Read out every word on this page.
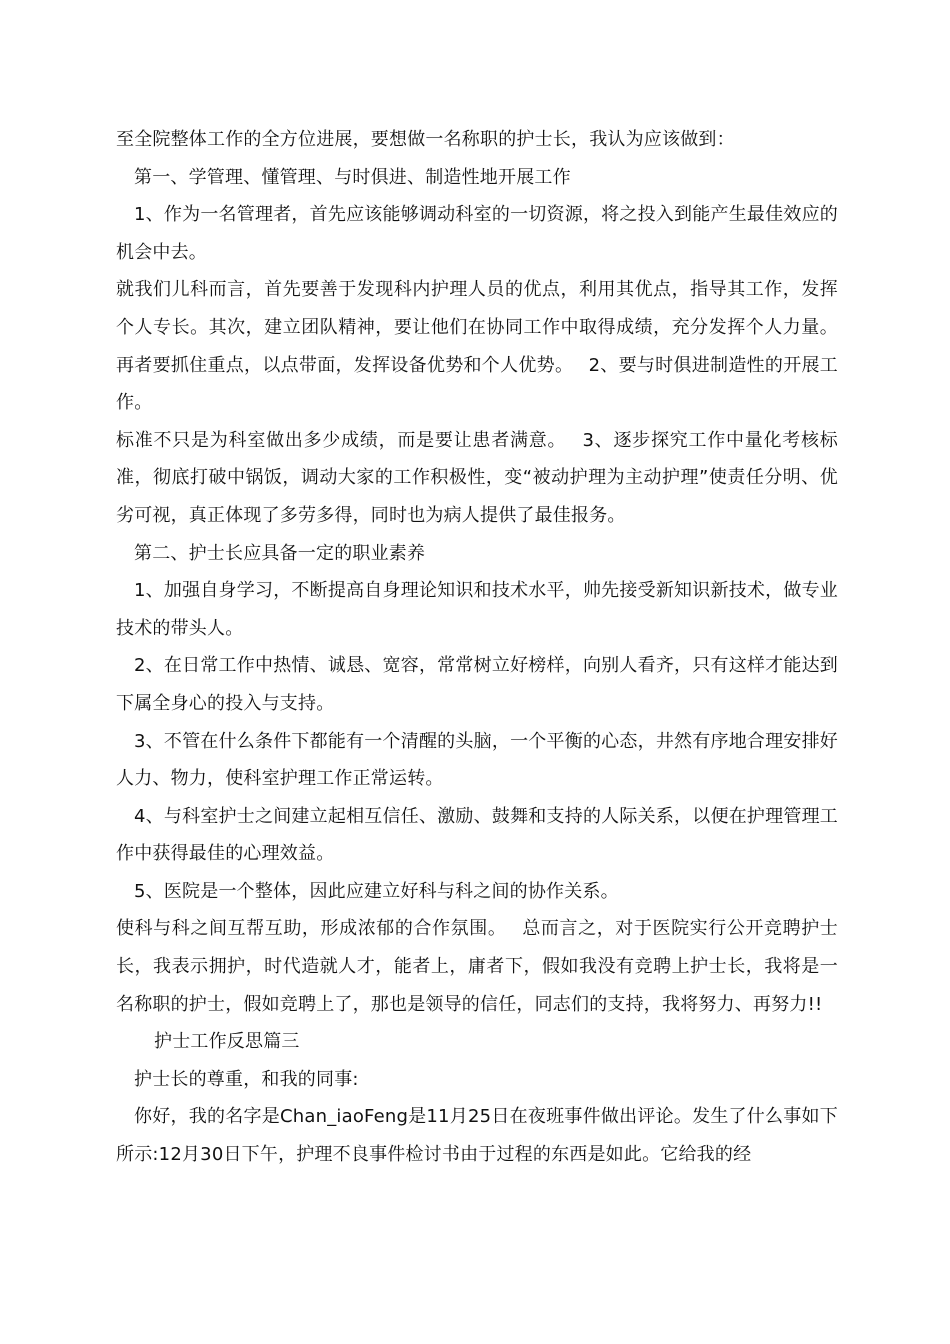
至全院整体工作的全方位进展，要想做一名称职的护士长，我认为应该做到：

第一、学管理、懂管理、与时俱进、制造性地开展工作

1、作为一名管理者，首先应该能够调动科室的一切资源，将之投入到能产生最佳效应的机会中去。

就我们儿科而言，首先要善于发现科内护理人员的优点，利用其优点，指导其工作，发挥个人专长。其次，建立团队精神，要让他们在协同工作中取得成绩，充分发挥个人力量。再者要抓住重点，以点带面，发挥设备优势和个人优势。　 2、要与时俱进制造性的开展工作。

标准不只是为科室做出多少成绩，而是要让患者满意。　 3、逐步探究工作中量化考核标准，彻底打破中锅饭，调动大家的工作积极性，变“被动护理为主动护理”使责任分明、优劣可视，真正体现了多劳多得，同时也为病人提供了最佳报务。

第二、护士长应具备一定的职业素养

1、加强自身学习，不断提高自身理论知识和技术水平，帅先接受新知识新技术，做专业技术的带头人。

2、在日常工作中热情、诚恳、宽容，常常树立好榜样，向别人看齐，只有这样才能达到下属全身心的投入与支持。

3、不管在什么条件下都能有一个清醒的头脑，一个平衡的心态，井然有序地合理安排好人力、物力，使科室护理工作正常运转。

4、与科室护士之间建立起相互信任、激励、鼓舞和支持的人际关系，以便在护理管理工作中获得最佳的心理效益。

5、医院是一个整体，因此应建立好科与科之间的协作关系。

使科与科之间互帮互助，形成浓郁的合作氛围。　 总而言之，对于医院实行公开竞聘护士长，我表示拥护，时代造就人才，能者上，庸者下，假如我没有竞聘上护士长，我将是一名称职的护士，假如竞聘上了，那也是领导的信任，同志们的支持，我将努力、再努力!!

护士工作反思篇三

护士长的尊重，和我的同事:

你好，我的名字是Chan_iaoFeng是11月25日在夜班事件做出评论。发生了什么事如下所示:12月30日下午，护理不良事件检讨书由于过程的东西是如此。它给我的经
